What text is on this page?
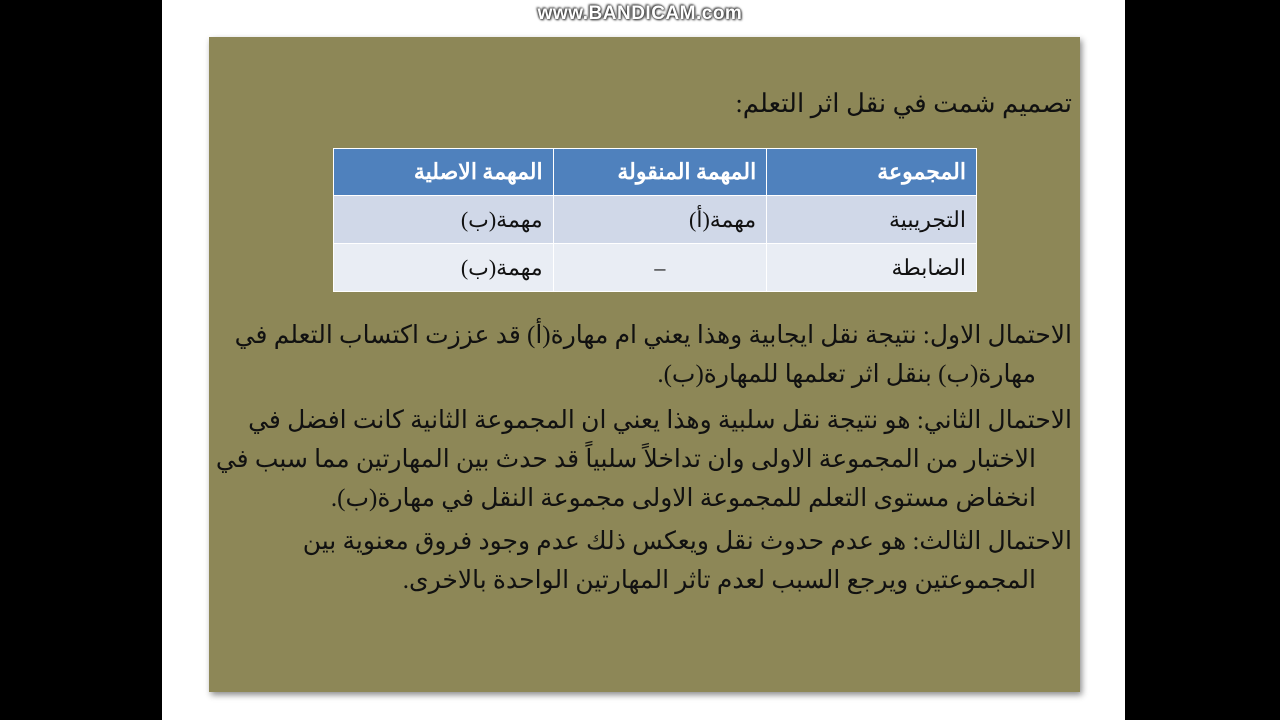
www.BANDICAM.com
تصميم شمت في نقل اثر التعلم:
المجموعة	المهمة المنقولة	المهمة الاصلية
التجريبية	مهمة(أ)	مهمة(ب)
الضابطة	–	مهمة(ب)
الاحتمال الاول: نتيجة نقل ايجابية وهذا يعني ام مهارة(أ) قد عززت اكتساب التعلم في
مهارة(ب) بنقل اثر تعلمها للمهارة(ب).
الاحتمال الثاني: هو نتيجة نقل سلبية وهذا يعني ان المجموعة الثانية كانت افضل في
الاختبار من المجموعة الاولى وان تداخلاً سلبياً قد حدث بين المهارتين مما سبب في انخفاض مستوى التعلم للمجموعة الاولى مجموعة النقل في مهارة(ب).
الاحتمال الثالث: هو عدم حدوث نقل ويعكس ذلك عدم وجود فروق معنوية بين
المجموعتين ويرجع السبب لعدم تاثر المهارتين الواحدة بالاخرى.
